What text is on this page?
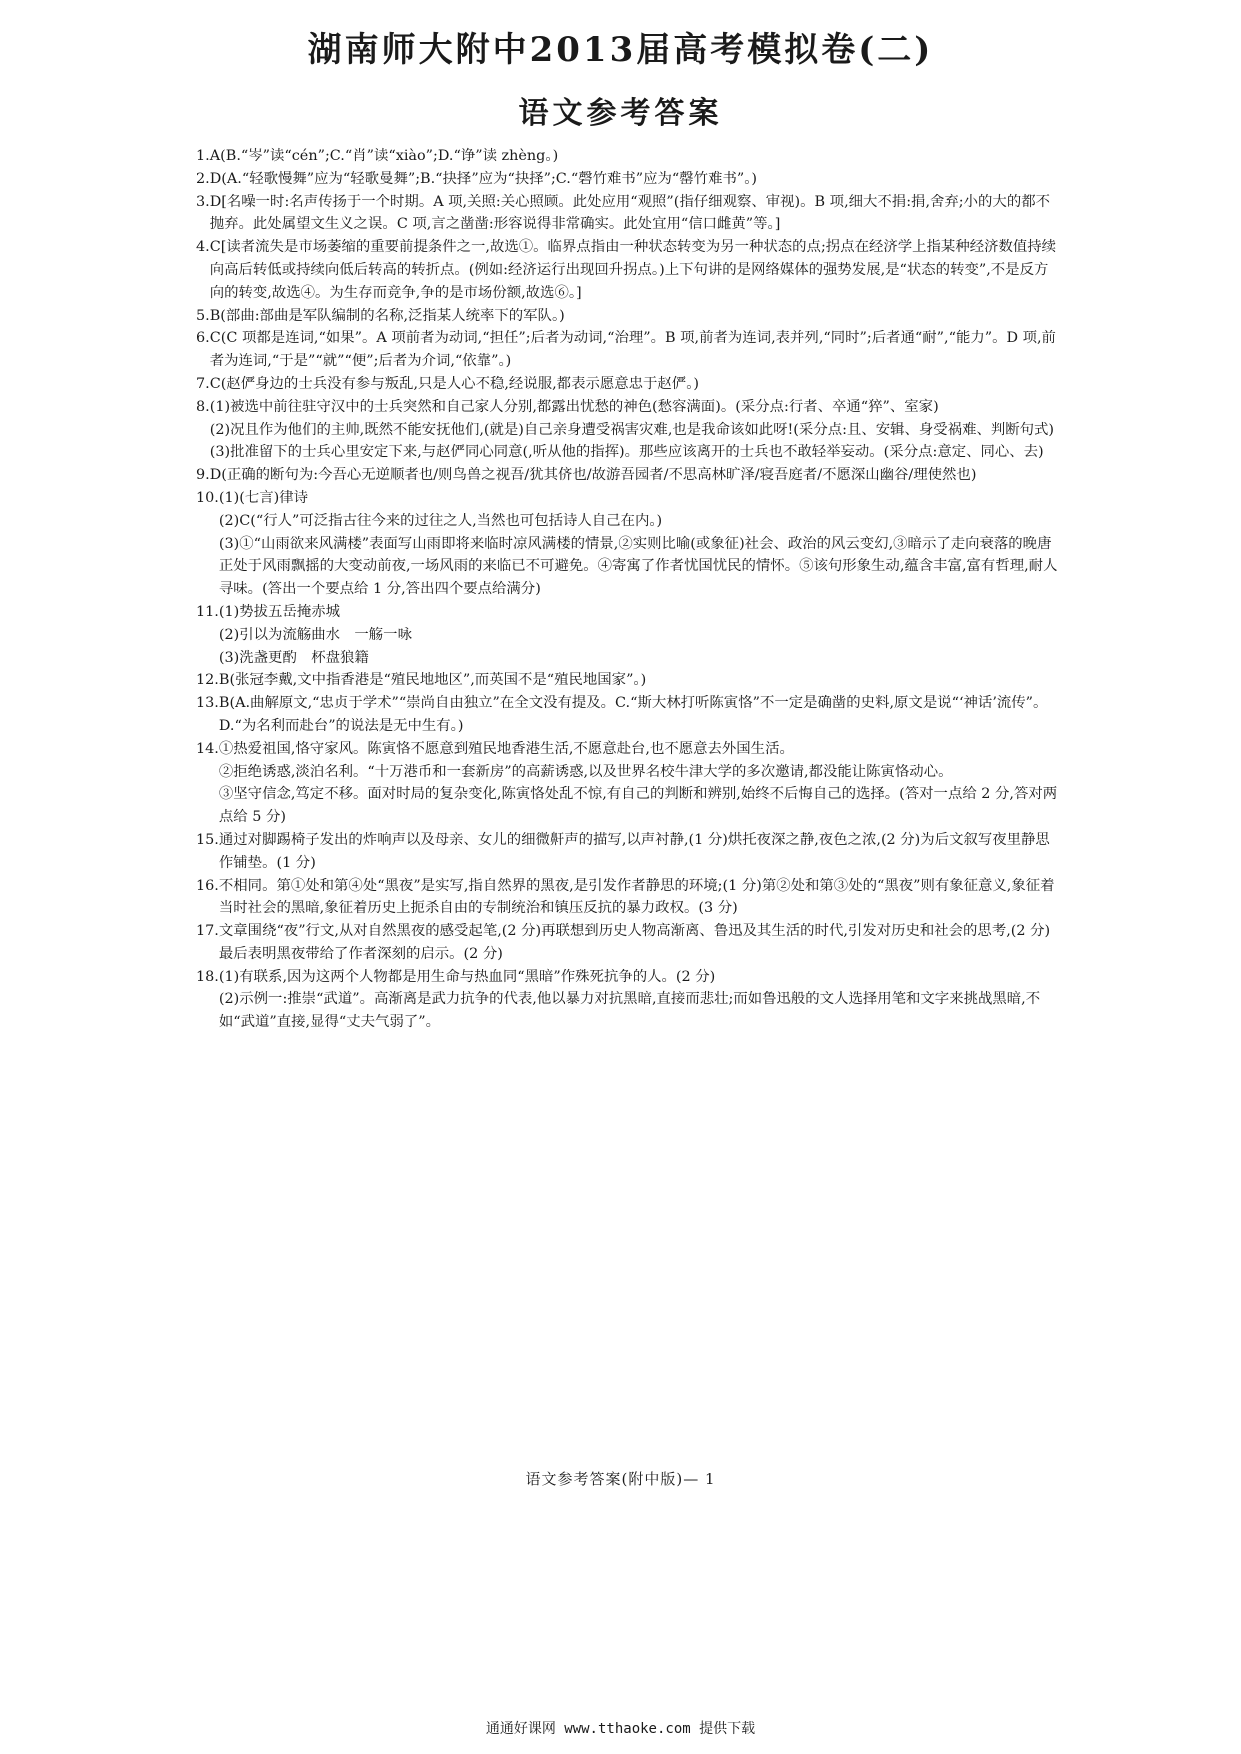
湖南师大附中2013届高考模拟卷(二)
语文参考答案
1. A(B.“岑”读“cén”;C.“肖”读“xiào”;D.“诤”读 zhèng。)

2. D(A.“轻歌慢舞”应为“轻歌曼舞”;B.“抉择”应为“抉择”;C.“磬竹难书”应为“罄竹难书”。)

3. D[名噪一时:名声传扬于一个时期。A 项,关照:关心照顾。此处应用“观照”(指仔细观察、审视)。B 项,细大不捐:捐,舍弃;小的大的都不抛弃。此处属望文生义之误。C 项,言之凿凿:形容说得非常确实。此处宜用“信口雌黄”等。]

4. C[读者流失是市场萎缩的重要前提条件之一,故选①。临界点指由一种状态转变为另一种状态的点;拐点在经济学上指某种经济数值持续向高后转低或持续向低后转高的转折点。(例如:经济运行出现回升拐点。)上下句讲的是网络媒体的强势发展,是“状态的转变”,不是反方向的转变,故选④。为生存而竞争,争的是市场份额,故选⑥。]

5. B(部曲:部曲是军队编制的名称,泛指某人统率下的军队。)

6. C(C 项都是连词,“如果”。A 项前者为动词,“担任”;后者为动词,“治理”。B 项,前者为连词,表并列,“同时”;后者通“耐”,“能力”。D 项,前者为连词,“于是”“就”“便”;后者为介词,“依靠”。)

7. C(赵俨身边的士兵没有参与叛乱,只是人心不稳,经说服,都表示愿意忠于赵俨。)

8. (1)被选中前往驻守汉中的士兵突然和自己家人分别,都露出忧愁的神色(愁容满面)。(采分点:行者、卒通“猝”、室家)

(2)况且作为他们的主帅,既然不能安抚他们,(就是)自己亲身遭受祸害灾难,也是我命该如此呀!(采分点:且、安辑、身受祸难、判断句式)

(3)批准留下的士兵心里安定下来,与赵俨同心同意(,听从他的指挥)。那些应该离开的士兵也不敢轻举妄动。(采分点:意定、同心、去)

9. D(正确的断句为:今吾心无逆顺者也/则鸟兽之视吾/犹其侪也/故游吾园者/不思高林旷泽/寝吾庭者/不愿深山幽谷/理使然也)

10. (1)(七言)律诗

(2)C(“行人”可泛指古往今来的过往之人,当然也可包括诗人自己在内。)

(3)①“山雨欲来风满楼”表面写山雨即将来临时凉风满楼的情景,②实则比喻(或象征)社会、政治的风云变幻,③暗示了走向衰落的晚唐正处于风雨飘摇的大变动前夜,一场风雨的来临已不可避免。④寄寓了作者忧国忧民的情怀。⑤该句形象生动,蕴含丰富,富有哲理,耐人寻味。(答出一个要点给 1 分,答出四个要点给满分)

11. (1)势拔五岳掩赤城

(2)引以为流觞曲水　一觞一咏

(3)洗盏更酌　杯盘狼籍

12. B(张冠李戴,文中指香港是“殖民地地区”,而英国不是“殖民地国家”。)

13. B(A.曲解原文,“忠贞于学术”“崇尚自由独立”在全文没有提及。C.“斯大林打听陈寅恪”不一定是确凿的史料,原文是说“‘神话’流传”。D.“为名利而赴台”的说法是无中生有。)

14. ①热爱祖国,恪守家风。陈寅恪不愿意到殖民地香港生活,不愿意赴台,也不愿意去外国生活。

②拒绝诱惑,淡泊名利。“十万港币和一套新房”的高薪诱惑,以及世界名校牛津大学的多次邀请,都没能让陈寅恪动心。

③坚守信念,笃定不移。面对时局的复杂变化,陈寅恪处乱不惊,有自己的判断和辨别,始终不后悔自己的选择。(答对一点给 2 分,答对两点给 5 分)

15. 通过对脚踢椅子发出的炸响声以及母亲、女儿的细微鼾声的描写,以声衬静,(1 分)烘托夜深之静,夜色之浓,(2 分)为后文叙写夜里静思作铺垫。(1 分)

16. 不相同。第①处和第④处“黑夜”是实写,指自然界的黑夜,是引发作者静思的环境;(1 分)第②处和第③处的“黑夜”则有象征意义,象征着当时社会的黑暗,象征着历史上扼杀自由的专制统治和镇压反抗的暴力政权。(3 分)

17. 文章围绕“夜”行文,从对自然黑夜的感受起笔,(2 分)再联想到历史人物高渐离、鲁迅及其生活的时代,引发对历史和社会的思考,(2 分)最后表明黑夜带给了作者深刻的启示。(2 分)

18. (1)有联系,因为这两个人物都是用生命与热血同“黑暗”作殊死抗争的人。(2 分)

(2)示例一:推崇“武道”。高渐离是武力抗争的代表,他以暴力对抗黑暗,直接而悲壮;而如鲁迅般的文人选择用笔和文字来挑战黑暗,不如“武道”直接,显得“丈夫气弱了”。

语文参考答案(附中版)— 1
通通好课网 www.tthaoke.com 提供下载
